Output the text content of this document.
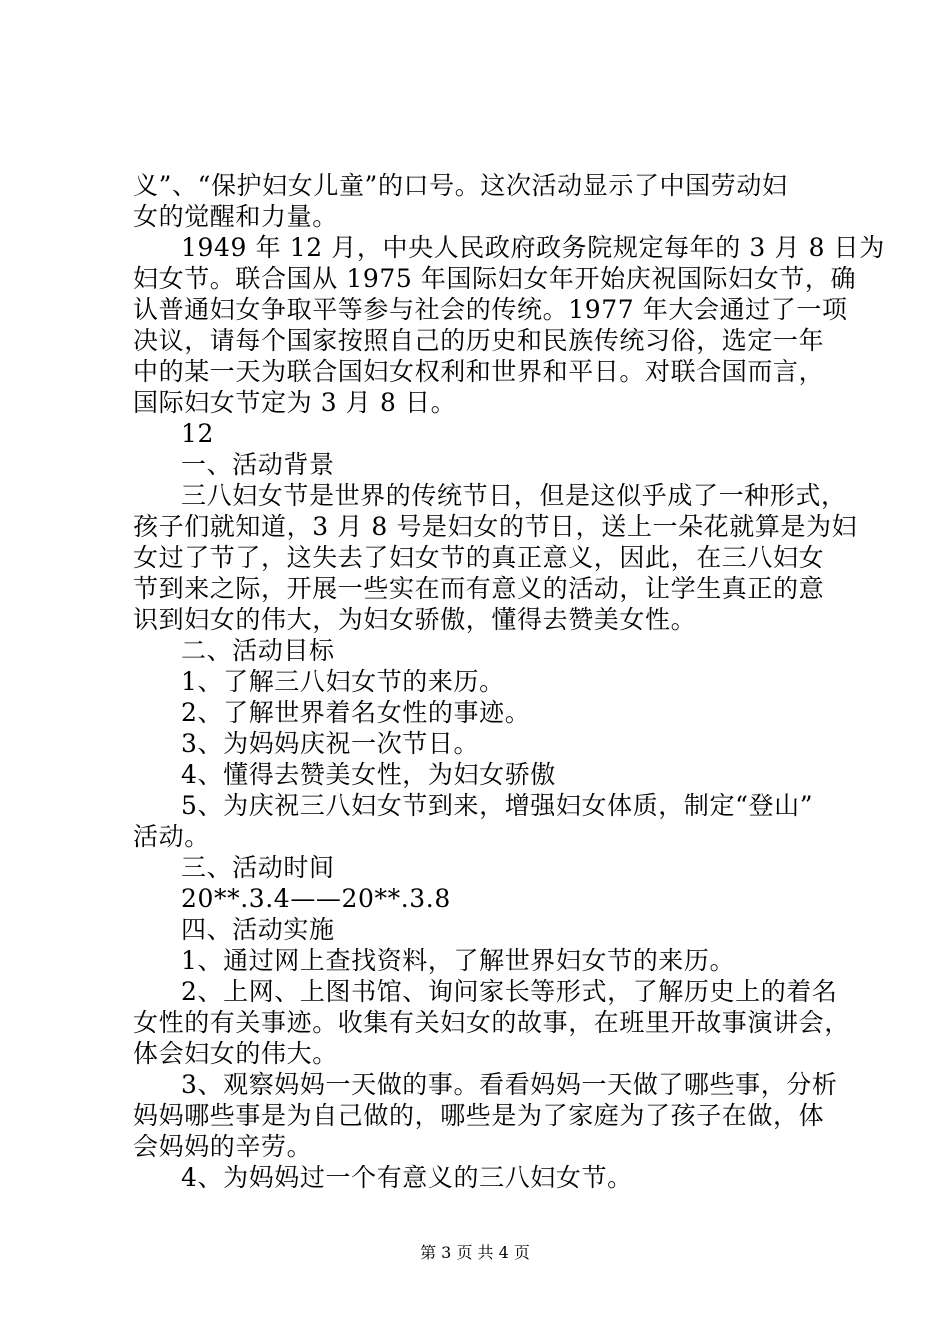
义”、“保护妇女儿童”的口号。这次活动显示了中国劳动妇
女的觉醒和力量。
1949 年 12 月，中央人民政府政务院规定每年的 3 月 8 日为
妇女节。联合国从 1975 年国际妇女年开始庆祝国际妇女节，确
认普通妇女争取平等参与社会的传统。1977 年大会通过了一项
决议，请每个国家按照自己的历史和民族传统习俗，选定一年
中的某一天为联合国妇女权利和世界和平日。对联合国而言，
国际妇女节定为 3 月 8 日。
12
一、活动背景
三八妇女节是世界的传统节日，但是这似乎成了一种形式，
孩子们就知道，3 月 8 号是妇女的节日，送上一朵花就算是为妇
女过了节了，这失去了妇女节的真正意义，因此，在三八妇女
节到来之际，开展一些实在而有意义的活动，让学生真正的意
识到妇女的伟大，为妇女骄傲，懂得去赞美女性。
二、活动目标
1、了解三八妇女节的来历。
2、了解世界着名女性的事迹。
3、为妈妈庆祝一次节日。
4、懂得去赞美女性，为妇女骄傲
5、为庆祝三八妇女节到来，增强妇女体质，制定“登山”
活动。
三、活动时间
20**.3.4——20**.3.8
四、活动实施
1、通过网上查找资料，了解世界妇女节的来历。
2、上网、上图书馆、询问家长等形式，了解历史上的着名
女性的有关事迹。收集有关妇女的故事，在班里开故事演讲会，
体会妇女的伟大。
3、观察妈妈一天做的事。看看妈妈一天做了哪些事，分析
妈妈哪些事是为自己做的，哪些是为了家庭为了孩子在做，体
会妈妈的辛劳。
4、为妈妈过一个有意义的三八妇女节。
第 3 页 共 4 页
